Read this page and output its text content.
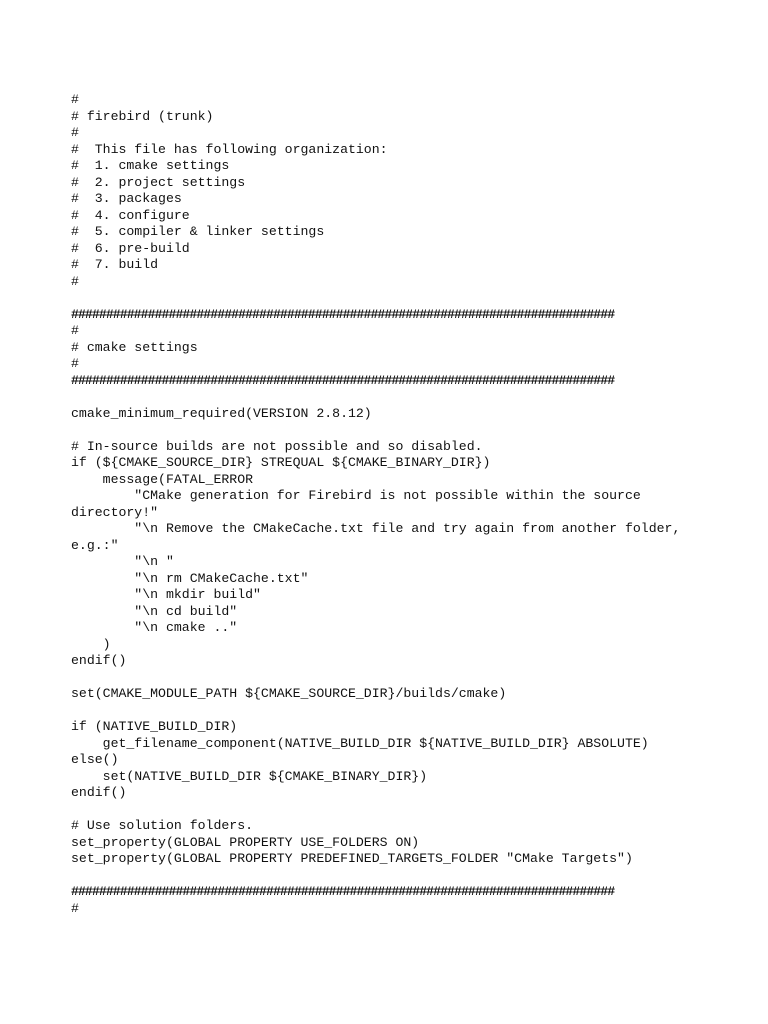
#
# firebird (trunk)
#
#  This file has following organization:
#  1. cmake settings
#  2. project settings
#  3. packages
#  4. configure
#  5. compiler & linker settings
#  6. pre-build
#  7. build
#
##############################################################################
#
# cmake settings
#
##############################################################################
cmake_minimum_required(VERSION 2.8.12)
# In-source builds are not possible and so disabled.
if (${CMAKE_SOURCE_DIR} STREQUAL ${CMAKE_BINARY_DIR})
message(FATAL_ERROR
"CMake generation for Firebird is not possible within the source
directory!"
"\n Remove the CMakeCache.txt file and try again from another folder,
e.g.:"
"\n "
"\n rm CMakeCache.txt"
"\n mkdir build"
"\n cd build"
"\n cmake .."
)
endif()
set(CMAKE_MODULE_PATH ${CMAKE_SOURCE_DIR}/builds/cmake)
if (NATIVE_BUILD_DIR)
get_filename_component(NATIVE_BUILD_DIR ${NATIVE_BUILD_DIR} ABSOLUTE)
else()
set(NATIVE_BUILD_DIR ${CMAKE_BINARY_DIR})
endif()
# Use solution folders.
set_property(GLOBAL PROPERTY USE_FOLDERS ON)
set_property(GLOBAL PROPERTY PREDEFINED_TARGETS_FOLDER "CMake Targets")
##############################################################################
#
